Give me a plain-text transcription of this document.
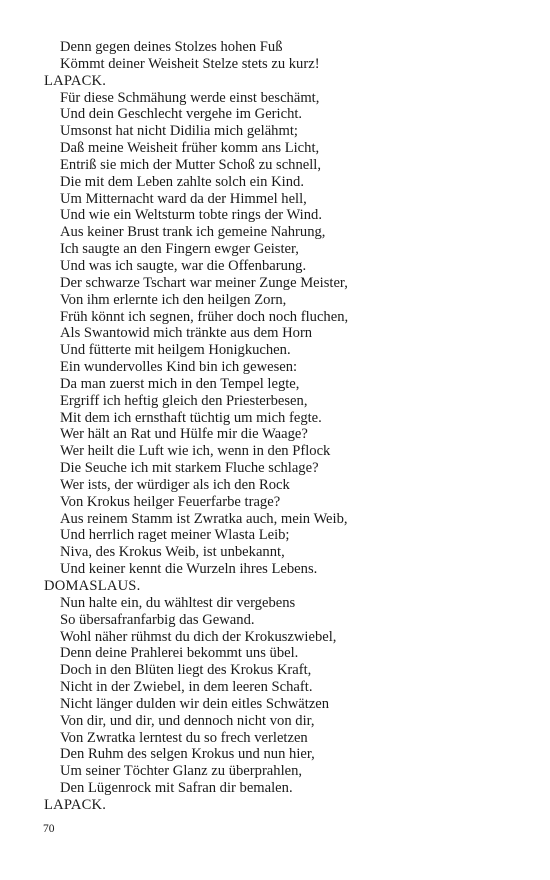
Denn gegen deines Stolzes hohen Fuß
Kömmt deiner Weisheit Stelze stets zu kurz!
LAPACK.
Für diese Schmähung werde einst beschämt,
Und dein Geschlecht vergehe im Gericht.
Umsonst hat nicht Didilia mich gelähmt;
Daß meine Weisheit früher komm ans Licht,
Entriß sie mich der Mutter Schoß zu schnell,
Die mit dem Leben zahlte solch ein Kind.
Um Mitternacht ward da der Himmel hell,
Und wie ein Weltsturm tobte rings der Wind.
Aus keiner Brust trank ich gemeine Nahrung,
Ich saugte an den Fingern ewger Geister,
Und was ich saugte, war die Offenbarung.
Der schwarze Tschart war meiner Zunge Meister,
Von ihm erlernte ich den heilgen Zorn,
Früh könnt ich segnen, früher doch noch fluchen,
Als Swantowid mich tränkte aus dem Horn
Und fütterte mit heilgem Honigkuchen.
Ein wundervolles Kind bin ich gewesen:
Da man zuerst mich in den Tempel legte,
Ergriff ich heftig gleich den Priesterbesen,
Mit dem ich ernsthaft tüchtig um mich fegte.
Wer hält an Rat und Hülfe mir die Waage?
Wer heilt die Luft wie ich, wenn in den Pflock
Die Seuche ich mit starkem Fluche schlage?
Wer ists, der würdiger als ich den Rock
Von Krokus heilger Feuerfarbe trage?
Aus reinem Stamm ist Zwratka auch, mein Weib,
Und herrlich raget meiner Wlasta Leib;
Niva, des Krokus Weib, ist unbekannt,
Und keiner kennt die Wurzeln ihres Lebens.
DOMASLAUS.
Nun halte ein, du wähltest dir vergebens
So übersafranfarbig das Gewand.
Wohl näher rühmst du dich der Krokuszwiebel,
Denn deine Prahlerei bekommt uns übel.
Doch in den Blüten liegt des Krokus Kraft,
Nicht in der Zwiebel, in dem leeren Schaft.
Nicht länger dulden wir dein eitles Schwätzen
Von dir, und dir, und dennoch nicht von dir,
Von Zwratka lerntest du so frech verletzen
Den Ruhm des selgen Krokus und nun hier,
Um seiner Töchter Glanz zu überprahlen,
Den Lügenrock mit Safran dir bemalen.
LAPACK.
70
